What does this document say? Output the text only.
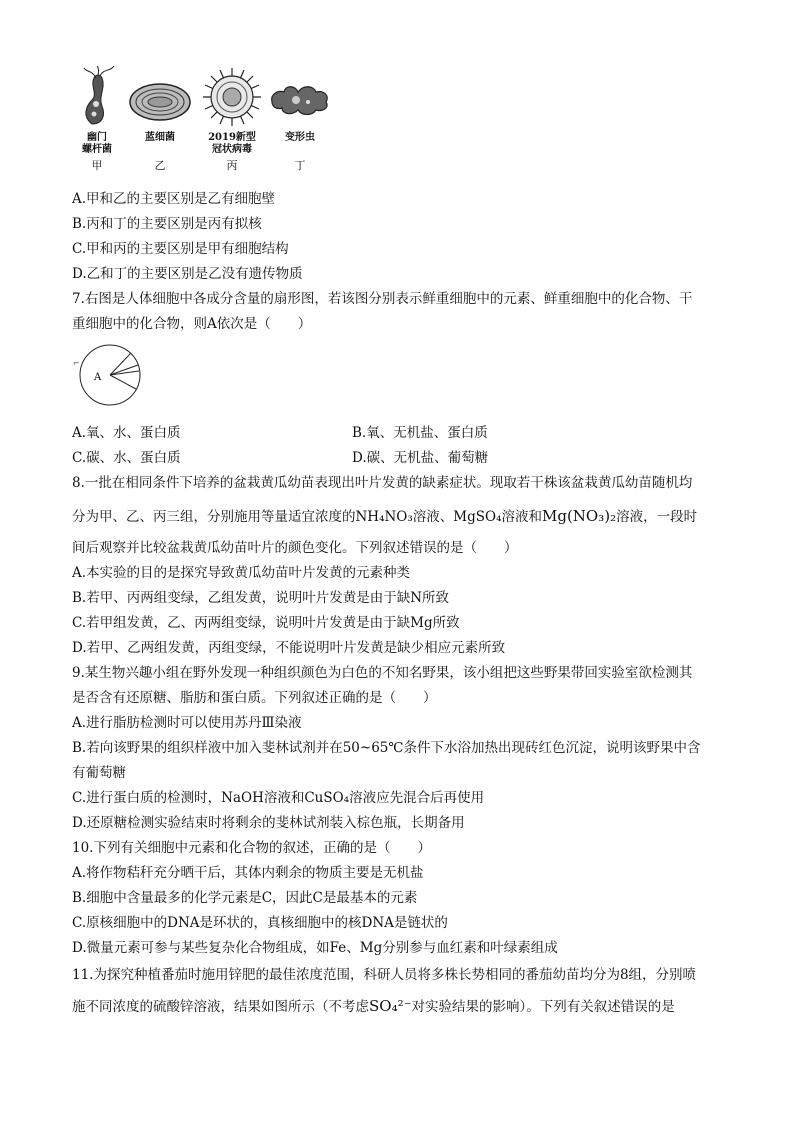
幽门
螺杆菌
甲
蓝细菌

乙
2019新型
冠状病毒
丙
变形虫

丁
A.甲和乙的主要区别是乙有细胞壁
B.丙和丁的主要区别是丙有拟核
C.甲和丙的主要区别是甲有细胞结构
D.乙和丁的主要区别是乙没有遗传物质
7.右图是人体细胞中各成分含量的扇形图，若该图分别表示鲜重细胞中的元素、鲜重细胞中的化合物、干
重细胞中的化合物，则A依次是（　　）
⌐
A
A.氧、水、蛋白质	B.氧、无机盐、蛋白质
C.碳、水、蛋白质	D.碳、无机盐、葡萄糖
8.一批在相同条件下培养的盆栽黄瓜幼苗表现出叶片发黄的缺素症状。现取若干株该盆栽黄瓜幼苗随机均
分为甲、乙、丙三组，分别施用等量适宜浓度的NH₄NO₃溶液、MgSO₄溶液和Mg(NO₃)₂溶液，一段时
间后观察并比较盆栽黄瓜幼苗叶片的颜色变化。下列叙述错误的是（　　）
A.本实验的目的是探究导致黄瓜幼苗叶片发黄的元素种类
B.若甲、丙两组变绿，乙组发黄，说明叶片发黄是由于缺N所致
C.若甲组发黄，乙、丙两组变绿，说明叶片发黄是由于缺Mg所致
D.若甲、乙两组发黄，丙组变绿，不能说明叶片发黄是缺少相应元素所致
9.某生物兴趣小组在野外发现一种组织颜色为白色的不知名野果，该小组把这些野果带回实验室欲检测其
是否含有还原糖、脂肪和蛋白质。下列叙述正确的是（　　）
A.进行脂肪检测时可以使用苏丹Ⅲ染液
B.若向该野果的组织样液中加入斐林试剂并在50~65℃条件下水浴加热出现砖红色沉淀，说明该野果中含
有葡萄糖
C.进行蛋白质的检测时，NaOH溶液和CuSO₄溶液应先混合后再使用
D.还原糖检测实验结束时将剩余的斐林试剂装入棕色瓶，长期备用
10.下列有关细胞中元素和化合物的叙述，正确的是（　　）
A.将作物秸秆充分晒干后，其体内剩余的物质主要是无机盐
B.细胞中含量最多的化学元素是C，因此C是最基本的元素
C.原核细胞中的DNA是环状的，真核细胞中的核DNA是链状的
D.微量元素可参与某些复杂化合物组成，如Fe、Mg分别参与血红素和叶绿素组成
11.为探究种植番茄时施用锌肥的最佳浓度范围，科研人员将多株长势相同的番茄幼苗均分为8组，分别喷
施不同浓度的硫酸锌溶液，结果如图所示（不考虑SO₄²⁻对实验结果的影响）。下列有关叙述错误的是
